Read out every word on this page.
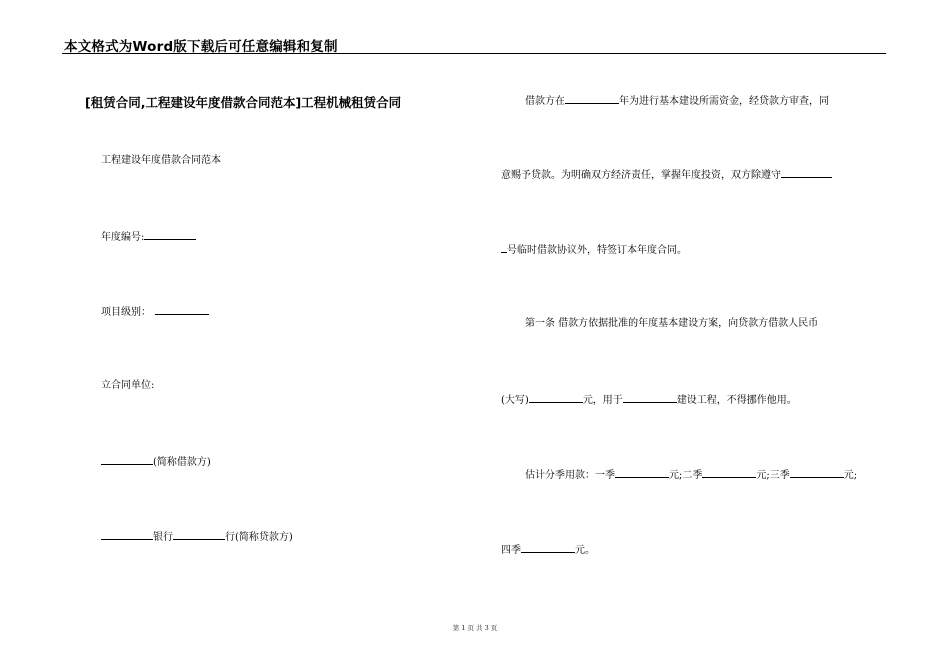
本文格式为Word版下载后可任意编辑和复制
[租赁合同,工程建设年度借款合同范本]工程机械租赁合同
工程建设年度借款合同范本
年度编号:
项目级别：
立合同单位:
(简称借款方)
银行	行(简称贷款方)
借款方在	年为进行基本建设所需资金，经贷款方审查，同
意赐予贷款。为明确双方经济责任，掌握年度投资，双方除遵守
号临时借款协议外，特签订本年度合同。
第一条 借款方依据批准的年度基本建设方案，向贷款方借款人民币
(大写)	元，用于	建设工程，不得挪作他用。
估计分季用款：一季	元;二季	元;三季	元;
四季	元。
第 1 页 共 3 页
